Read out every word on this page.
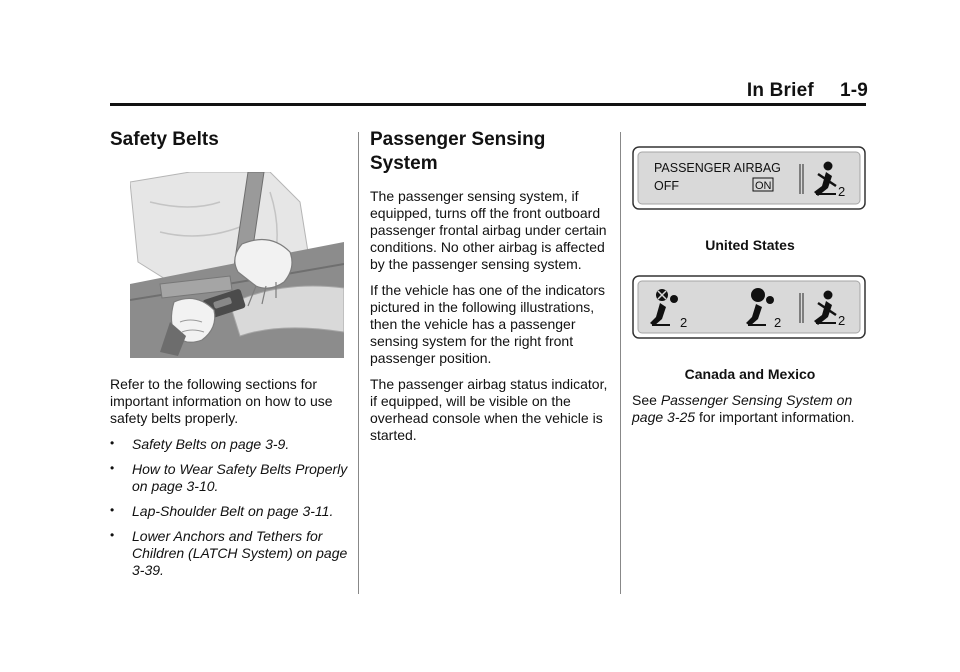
In Brief 1-9
Safety Belts

Refer to the following sections for important information on how to use safety belts properly.

• Safety Belts on page 3-9.
• How to Wear Safety Belts Properly on page 3-10.
• Lap-Shoulder Belt on page 3-11.
• Lower Anchors and Tethers for Children (LATCH System) on page 3-39.
Passenger Sensing
System

The passenger sensing system, if equipped, turns off the front outboard passenger frontal airbag under certain conditions. No other airbag is affected by the passenger sensing system.

If the vehicle has one of the indicators pictured in the following illustrations, then the vehicle has a passenger sensing system for the right front passenger position.

The passenger airbag status indicator, if equipped, will be visible on the overhead console when the vehicle is started.

PASSENGER AIRBAG
OFF	ON	2

United States

2	2	2

Canada and Mexico

See Passenger Sensing System on page 3-25 for important information.
